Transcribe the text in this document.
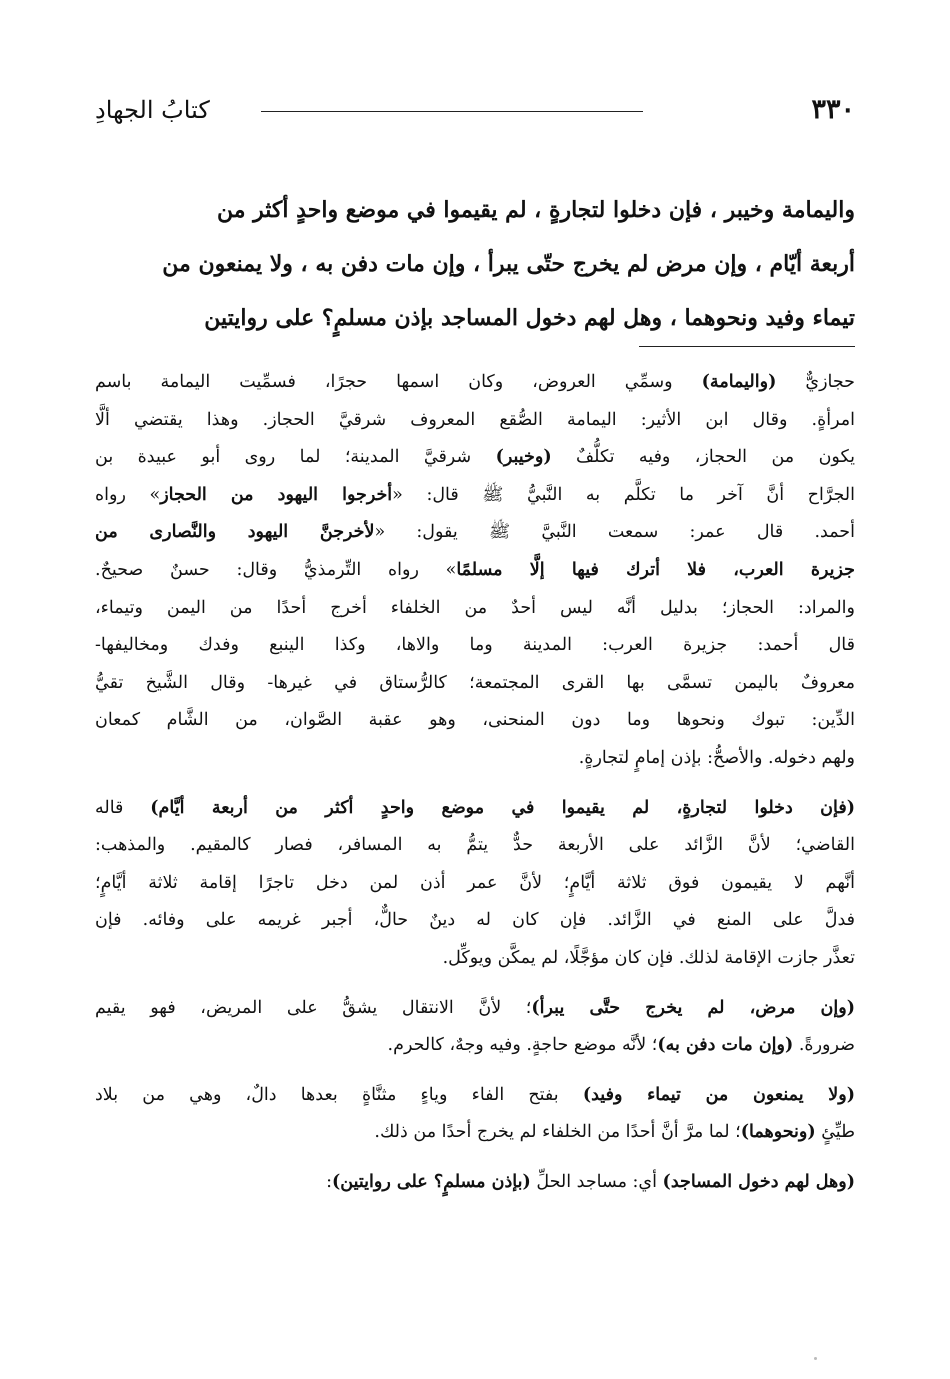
٣٣٠
كتابُ الجهادِ

واليمامة وخيبر ، فإن دخلوا لتجارةٍ ، لم يقيموا في موضع واحدٍ أكثر من

أربعة أيّام ، وإن مرض لم يخرج حتّى يبرأ ، وإن مات دفن به ، ولا يمنعون من

تيماء وفيد ونحوهما ، وهل لهم دخول المساجد بإذن مسلمٍ؟ على روايتين

حجازيٌّ (واليمامة) وسمِّي العروض، وكان اسمها حجرًا، فسمِّيت اليمامة باسم
امرأةٍ. وقال ابن الأثير: اليمامة الصُّقع المعروف شرقيَّ الحجاز. وهذا يقتضي ألَّا
يكون من الحجاز، وفيه تكلُّفٌ (وخيبر) شرقيَّ المدينة؛ لما روى أبو عبيدة بن
الجرَّاح أنَّ آخر ما تكلَّم به النَّبيُّ ﷺ قال: «أخرجوا اليهود من الحجاز» رواه
أحمد. قال عمر: سمعت النَّبيَّ ﷺ يقول: «لأخرجنَّ اليهود والنَّصارى من
جزيرة العرب، فلا أترك فيها إلَّا مسلمًا» رواه التِّرمذيُّ وقال: حسنٌ صحيحٌ.
والمراد: الحجاز؛ بدليل أنَّه ليس أحدٌ من الخلفاء أخرج أحدًا من اليمن وتيماء،
قال أحمد: جزيرة العرب: المدينة وما والاها، وكذا الينبع وفدك ومخاليفها-
معروفٌ باليمن تسمَّى بها القرى المجتمعة؛ كالرُّستاق في غيرها- وقال الشَّيخ تقيُّ
الدِّين: تبوك ونحوها وما دون المنحنى، وهو عقبة الصَّوان، من الشَّام كمعان
ولهم دخوله. والأصحُّ: بإذن إمامٍ لتجارةٍ.
(فإن دخلوا لتجارةٍ، لم يقيموا في موضع واحدٍ أكثر من أربعة أيَّام) قاله
القاضي؛ لأنَّ الزَّائد على الأربعة حدٌّ يتمُّ به المسافر، فصار كالمقيم. والمذهب:
أنَّهم لا يقيمون فوق ثلاثة أيَّامٍ؛ لأنَّ عمر أذن لمن دخل تاجرًا إقامة ثلاثة أيَّامٍ؛
فدلَّ على المنع في الزَّائد. فإن كان له دينٌ حالٌّ، أجبر غريمه على وفائه. فإن
تعذَّر جازت الإقامة لذلك. فإن كان مؤجَّلًا، لم يمكَّن ويوكِّل.
(وإن مرض، لم يخرج حتَّى يبرأ)؛ لأنَّ الانتقال يشقُّ على المريض، فهو يقيم
ضرورةً. (وإن مات دفن به)؛ لأنَّه موضع حاجةٍ. وفيه وجهٌ، كالحرم.
(ولا يمنعون من تيماء وفيد) بفتح الفاء وياءٍ مثنَّاةٍ بعدها دالٌ، وهي من بلاد
طيِّئٍ (ونحوهما)؛ لما مرَّ أنَّ أحدًا من الخلفاء لم يخرج أحدًا من ذلك.
(وهل لهم دخول المساجد) أي: مساجد الحلِّ (بإذن مسلمٍ؟ على روايتين):
